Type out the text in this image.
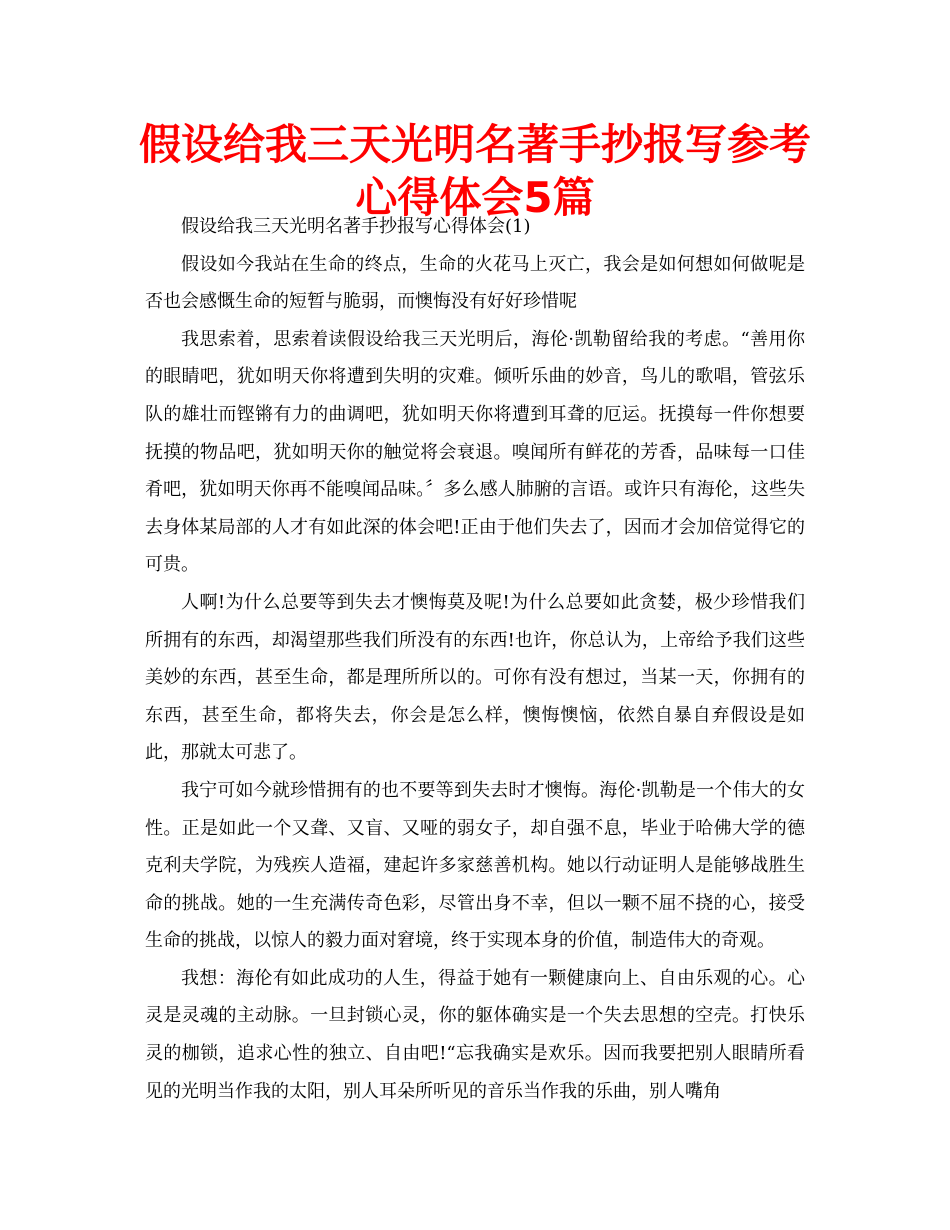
假设给我三天光明名著手抄报写参考心得体会5篇

假设给我三天光明名著手抄报写心得体会(1)

假设如今我站在生命的终点，生命的火花马上灭亡，我会是如何想如何做呢是否也会感慨生命的短暂与脆弱，而懊悔没有好好珍惜呢

我思索着，思索着读假设给我三天光明后，海伦·凯勒留给我的考虑。“善用你的眼睛吧，犹如明天你将遭到失明的灾难。倾听乐曲的妙音，鸟儿的歌唱，管弦乐队的雄壮而铿锵有力的曲调吧，犹如明天你将遭到耳聋的厄运。抚摸每一件你想要抚摸的物品吧，犹如明天你的触觉将会衰退。嗅闻所有鲜花的芳香，品味每一口佳肴吧，犹如明天你再不能嗅闻品味。〞多么感人肺腑的言语。或许只有海伦，这些失去身体某局部的人才有如此深的体会吧!正由于他们失去了，因而才会加倍觉得它的可贵。

人啊!为什么总要等到失去才懊悔莫及呢!为什么总要如此贪婪，极少珍惜我们所拥有的东西，却渴望那些我们所没有的东西!也许，你总认为，上帝给予我们这些美妙的东西，甚至生命，都是理所所以的。可你有没有想过，当某一天，你拥有的东西，甚至生命，都将失去，你会是怎么样，懊悔懊恼，依然自暴自弃假设是如此，那就太可悲了。

我宁可如今就珍惜拥有的也不要等到失去时才懊悔。海伦·凯勒是一个伟大的女性。正是如此一个又聋、又盲、又哑的弱女子，却自强不息，毕业于哈佛大学的德克利夫学院，为残疾人造福，建起许多家慈善机构。她以行动证明人是能够战胜生命的挑战。她的一生充满传奇色彩，尽管出身不幸，但以一颗不屈不挠的心，接受生命的挑战，以惊人的毅力面对窘境，终于实现本身的价值，制造伟大的奇观。

我想：海伦有如此成功的人生，得益于她有一颗健康向上、自由乐观的心。心灵是灵魂的主动脉。一旦封锁心灵，你的躯体确实是一个失去思想的空壳。打快乐灵的枷锁，追求心性的独立、自由吧!“忘我确实是欢乐。因而我要把别人眼睛所看见的光明当作我的太阳，别人耳朵所听见的音乐当作我的乐曲，别人嘴角
